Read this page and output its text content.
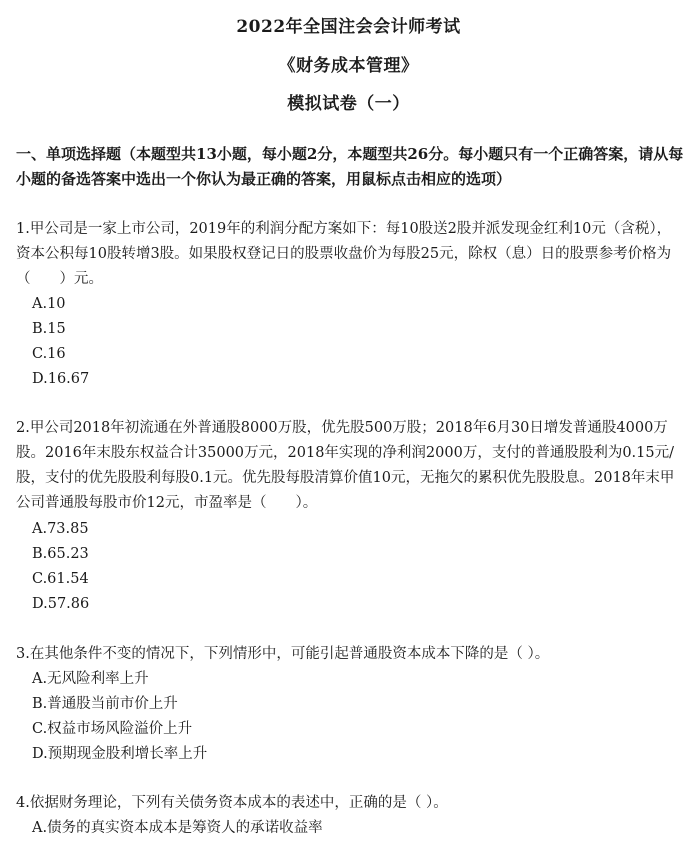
2022年全国注会会计师考试
《财务成本管理》
模拟试卷（一）
一、单项选择题（本题型共13小题，每小题2分，本题型共26分。每小题只有一个正确答案，请从每小题的备选答案中选出一个你认为最正确的答案，用鼠标点击相应的选项）
1.甲公司是一家上市公司，2019年的利润分配方案如下：每10股送2股并派发现金红利10元（含税），资本公积每10股转增3股。如果股权登记日的股票收盘价为每股25元，除权（息）日的股票参考价格为（　　）元。
A.10
B.15
C.16
D.16.67
2.甲公司2018年初流通在外普通股8000万股，优先股500万股；2018年6月30日增发普通股4000万股。2016年末股东权益合计35000万元，2018年实现的净利润2000万，支付的普通股股利为0.15元/股，支付的优先股股利每股0.1元。优先股每股清算价值10元，无拖欠的累积优先股股息。2018年末甲公司普通股每股市价12元，市盈率是（　　）。
A.73.85
B.65.23
C.61.54
D.57.86
3.在其他条件不变的情况下，下列情形中，可能引起普通股资本成本下降的是（ ）。
A.无风险利率上升
B.普通股当前市价上升
C.权益市场风险溢价上升
D.预期现金股利增长率上升
4.依据财务理论，下列有关债务资本成本的表述中，正确的是（ ）。
A.债务的真实资本成本是筹资人的承诺收益率
